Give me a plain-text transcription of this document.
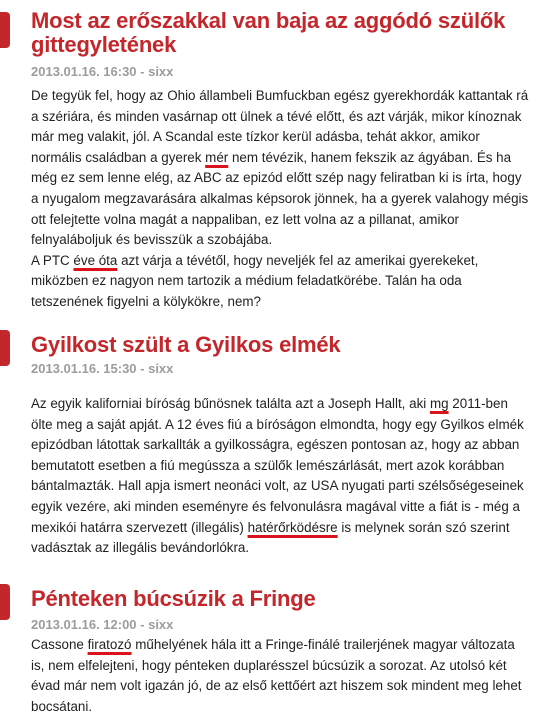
Most az erőszakkal van baja az aggódó szülők gittegyletének
2013.01.16. 16:30 - sixx

De tegyük fel, hogy az Ohio állambeli Bumfuckban egész gyerekhordák kattantak rá a szériára, és minden vasárnap ott ülnek a tévé előtt, és azt várják, mikor kínoznak már meg valakit, jól. A Scandal este tízkor kerül adásba, tehát akkor, amikor normális családban a gyerek mér nem tévézik, hanem fekszik az ágyában. És ha még ez sem lenne elég, az ABC az epizód előtt szép nagy feliratban ki is írta, hogy a nyugalom megzavarására alkalmas képsorok jönnek, ha a gyerek valahogy mégis ott felejtette volna magát a nappaliban, ez lett volna az a pillanat, amikor felnyaláboljuk és bevisszük a szobájába.

A PTC éve óta azt várja a tévétől, hogy neveljék fel az amerikai gyerekeket, miközben ez nagyon nem tartozik a médium feladatkörébe. Talán ha oda tetszenének figyelni a kölykökre, nem?

Gyilkost szült a Gyilkos elmék
2013.01.16. 15:30 - sixx

Az egyik kaliforniai bíróság bűnösnek találta azt a Joseph Hallt, aki mg 2011-ben ölte meg a saját apját. A 12 éves fiú a bíróságon elmondta, hogy egy Gyilkos elmék epizódban látottak sarkallták a gyilkosságra, egészen pontosan az, hogy az abban bemutatott esetben a fiú megússza a szülők lemészárlását, mert azok korábban bántalmazták. Hall apja ismert neonáci volt, az USA nyugati parti szélsőségeseinek egyik vezére, aki minden eseményre és felvonulásra magával vitte a fiát is - még a mexikói határra szervezett (illegális) hatérőrködésre is melynek során szó szerint vadásztak az illegális bevándorlókra.

Pénteken búcsúzik a Fringe
2013.01.16. 12:00 - sixx

Cassone firatozó műhelyének hála itt a Fringe-finálé trailerjének magyar változata is, nem elfelejteni, hogy pénteken duplarésszel búcsúzik a sorozat. Az utolsó két évad már nem volt igazán jó, de az első kettőért azt hiszem sok mindent meg lehet bocsátani.
